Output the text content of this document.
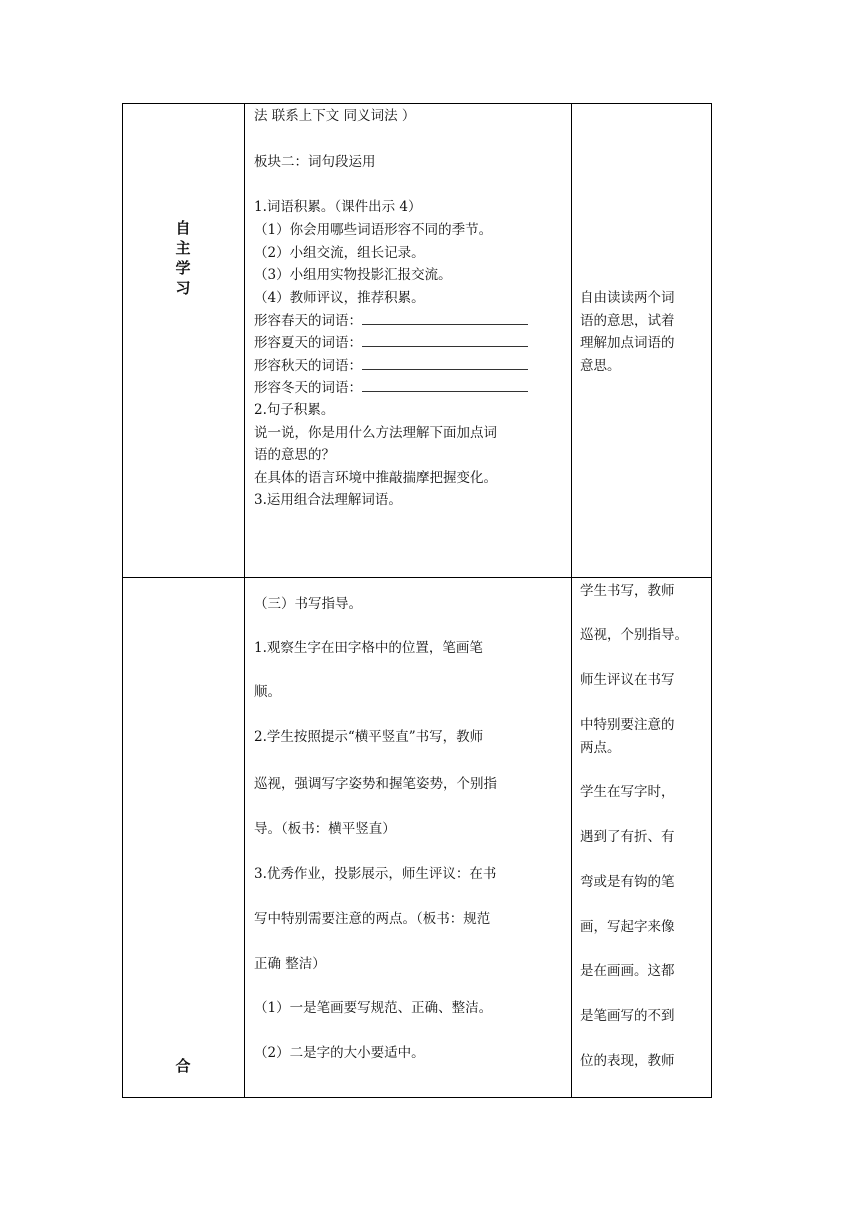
自
主
学
习
法 联系上下文 同义词法 ）
板块二：词句段运用
1.词语积累。（课件出示 4）
（1）你会用哪些词语形容不同的季节。
（2）小组交流，组长记录。
（3）小组用实物投影汇报交流。
（4）教师评议，推荐积累。
形容春天的词语：
形容夏天的词语：
形容秋天的词语：
形容冬天的词语：
2.句子积累。
说一说，你是用什么方法理解下面加点词
语的意思的？
在具体的语言环境中推敲揣摩把握变化。
3.运用组合法理解词语。
自由读读两个词
语的意思，试着
理解加点词语的
意思。
合
（三）书写指导。
1.观察生字在田字格中的位置，笔画笔
顺。
2.学生按照提示“横平竖直”书写，教师
巡视，强调写字姿势和握笔姿势，个别指
导。（板书：横平竖直）
3.优秀作业，投影展示，师生评议：在书
写中特别需要注意的两点。（板书：规范
正确 整洁）
（1）一是笔画要写规范、正确、整洁。
（2）二是字的大小要适中。
学生书写，教师
巡视，个别指导。
师生评议在书写
中特别要注意的
两点。
学生在写字时，
遇到了有折、有
弯或是有钩的笔
画，写起字来像
是在画画。这都
是笔画写的不到
位的表现，教师
